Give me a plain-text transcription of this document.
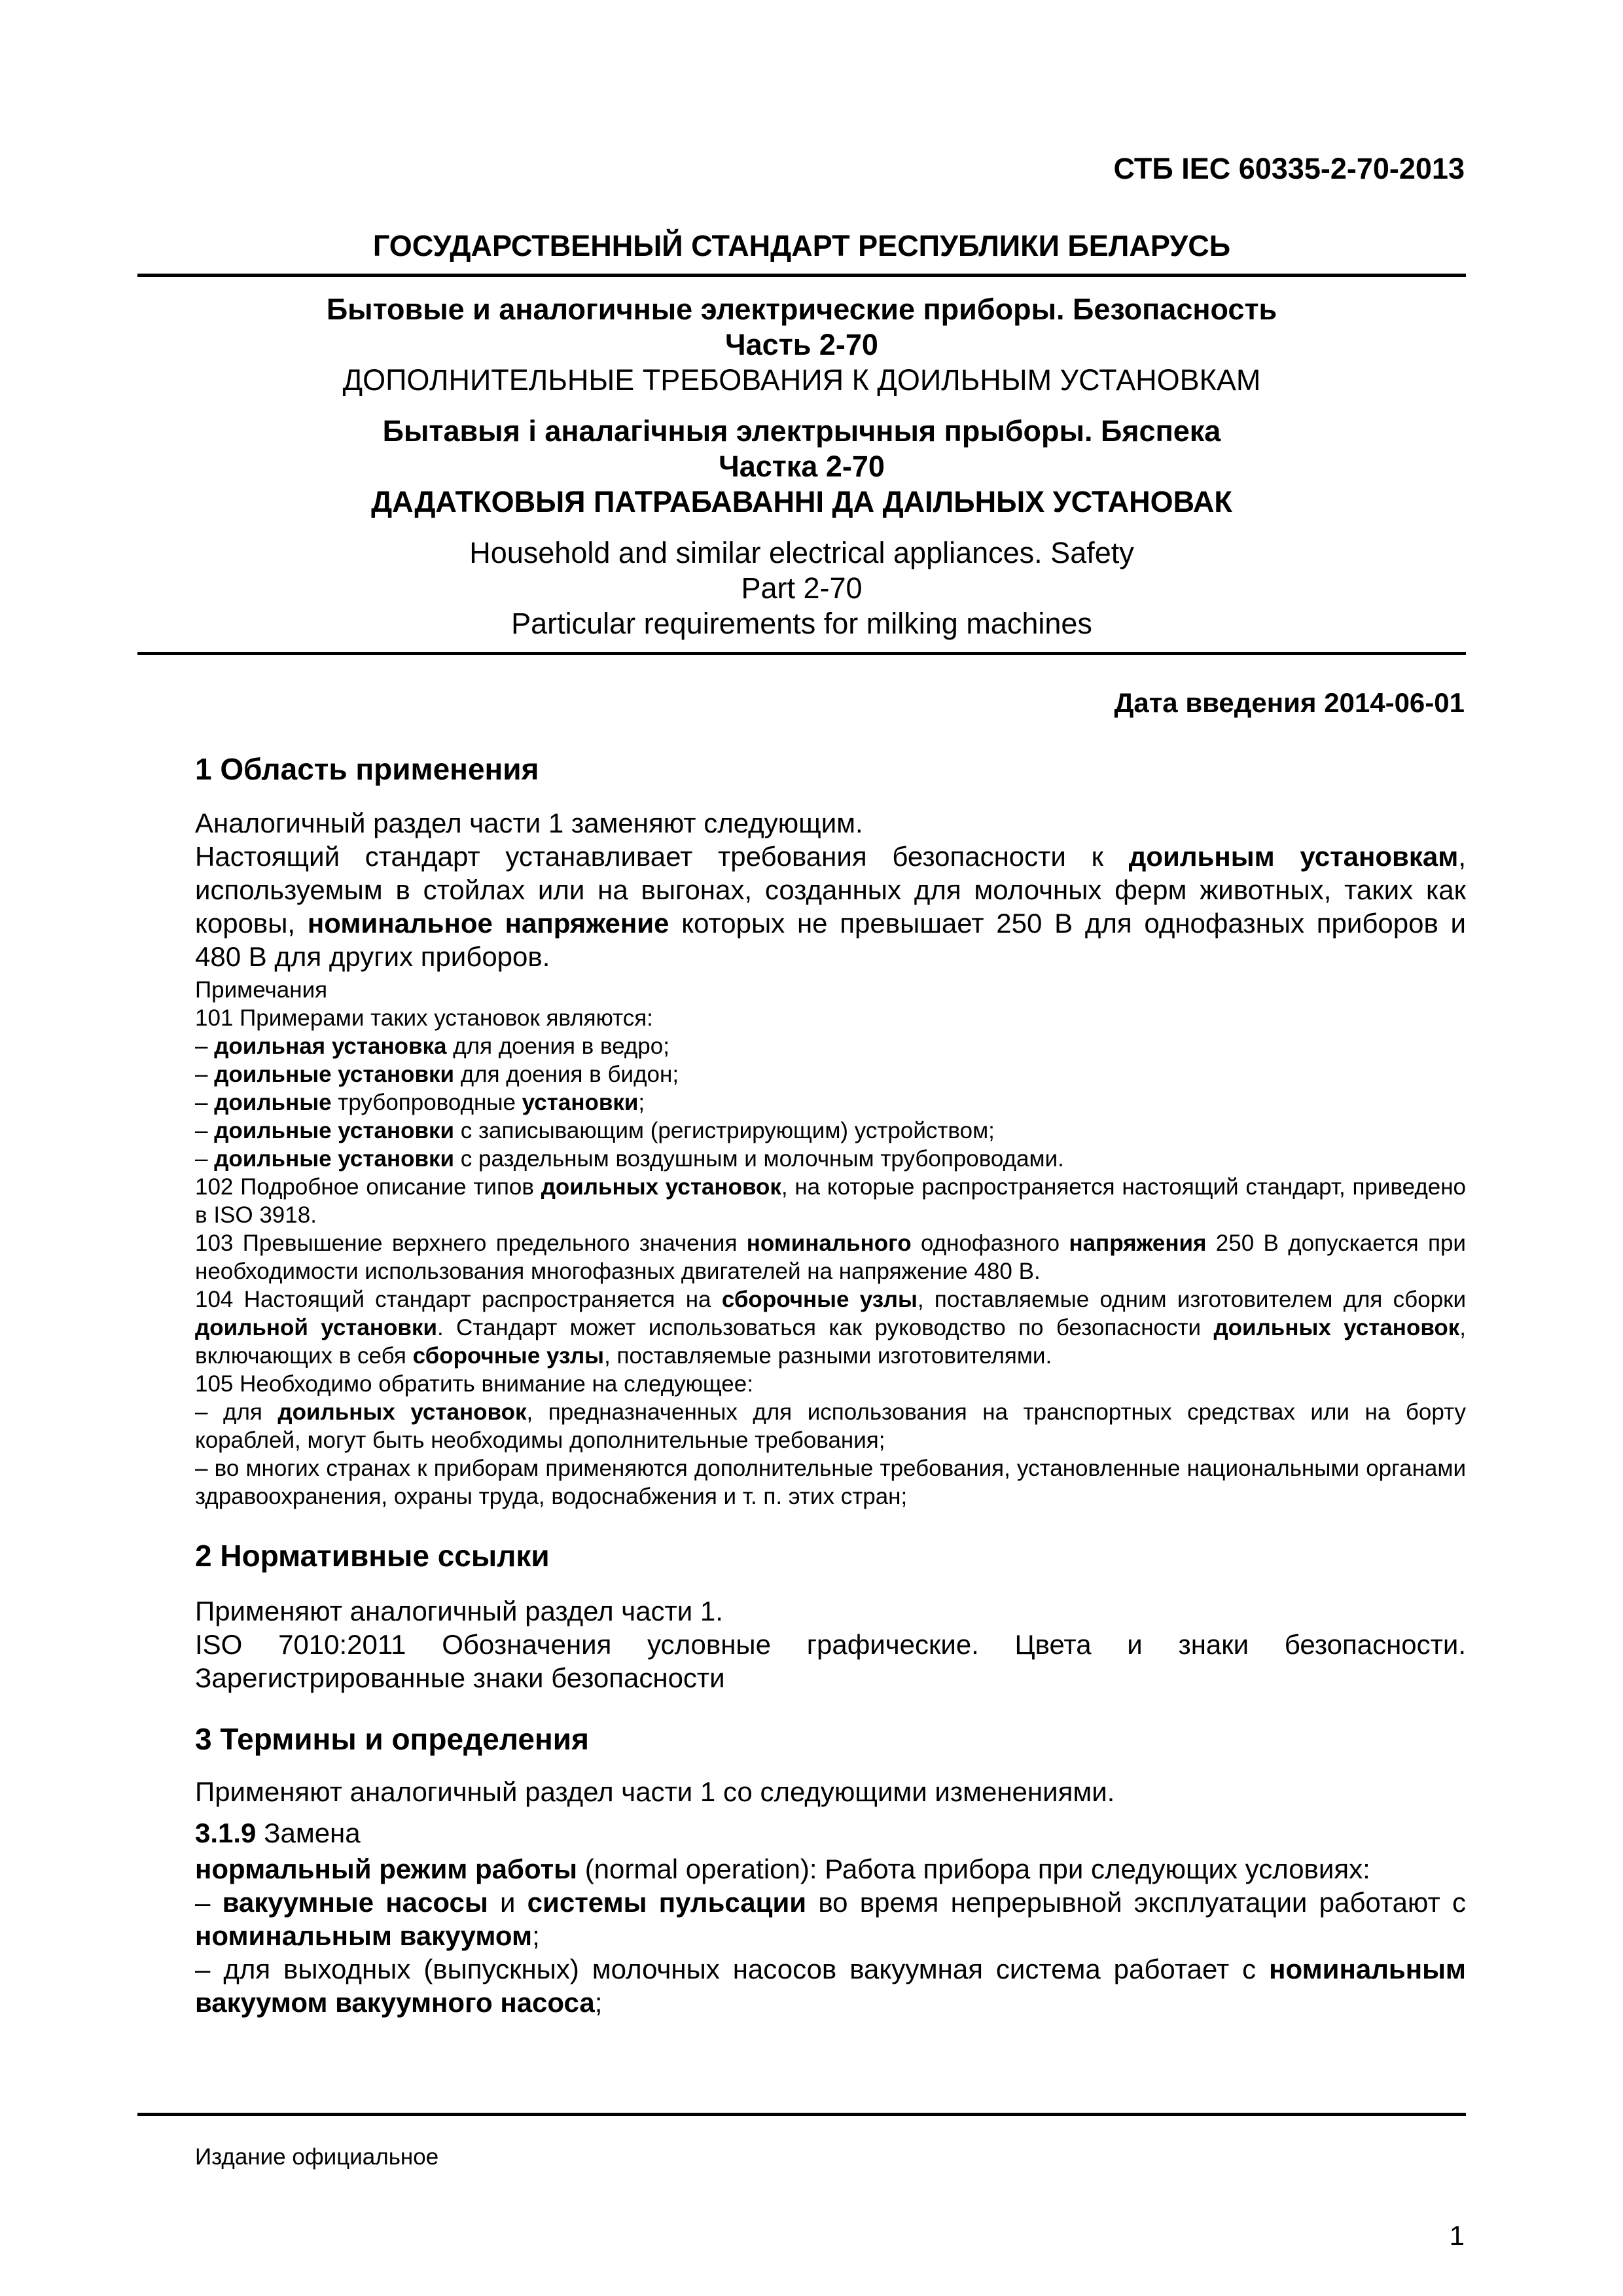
СТБ IEC 60335-2-70-2013
ГОСУДАРСТВЕННЫЙ СТАНДАРТ РЕСПУБЛИКИ БЕЛАРУСЬ

Бытовые и аналогичные электрические приборы. Безопасность

Часть 2-70

ДОПОЛНИТЕЛЬНЫЕ ТРЕБОВАНИЯ К ДОИЛЬНЫМ УСТАНОВКАМ

Бытавыя і аналагічныя электрычныя прыборы. Бяспека

Частка 2-70

ДАДАТКОВЫЯ ПАТРАБАВАННІ ДА ДАІЛЬНЫХ УСТАНОВАК

Household and similar electrical appliances. Safety

Part 2-70

Particular requirements for milking machines

Дата введения 2014-06-01
1 Область применения

Аналогичный раздел части 1 заменяют следующим.

Настоящий стандарт устанавливает требования безопасности к доильным установкам, используемым в стойлах или на выгонах, созданных для молочных ферм животных, таких как коровы, номинальное напряжение которых не превышает 250 В для однофазных приборов и 480 В для других приборов.

Примечания

101 Примерами таких установок являются:

– доильная установка для доения в ведро;

– доильные установки для доения в бидон;

– доильные трубопроводные установки;

– доильные установки с записывающим (регистрирующим) устройством;

– доильные установки с раздельным воздушным и молочным трубопроводами.

102 Подробное описание типов доильных установок, на которые распространяется настоящий стандарт, приведено в ISO 3918.

103 Превышение верхнего предельного значения номинального однофазного напряжения 250 В допускается при необходимости использования многофазных двигателей на напряжение 480 В.

104 Настоящий стандарт распространяется на сборочные узлы, поставляемые одним изготовителем для сборки доильной установки. Стандарт может использоваться как руководство по безопасности доильных установок, включающих в себя сборочные узлы, поставляемые разными изготовителями.

105 Необходимо обратить внимание на следующее:

– для доильных установок, предназначенных для использования на транспортных средствах или на борту кораблей, могут быть необходимы дополнительные требования;

– во многих странах к приборам применяются дополнительные требования, установленные национальными органами здравоохранения, охраны труда, водоснабжения и т. п. этих стран;

2 Нормативные ссылки

Применяют аналогичный раздел части 1.

ISO 7010:2011 Обозначения условные графические. Цвета и знаки безопасности. Зарегистрированные знаки безопасности

3 Термины и определения

Применяют аналогичный раздел части 1 со следующими изменениями.

3.1.9 Замена

нормальный режим работы (normal operation): Работа прибора при следующих условиях:

– вакуумные насосы и системы пульсации во время непрерывной эксплуатации работают с номинальным вакуумом;

– для выходных (выпускных) молочных насосов вакуумная система работает с номинальным вакуумом вакуумного насоса;

Издание официальное
1
